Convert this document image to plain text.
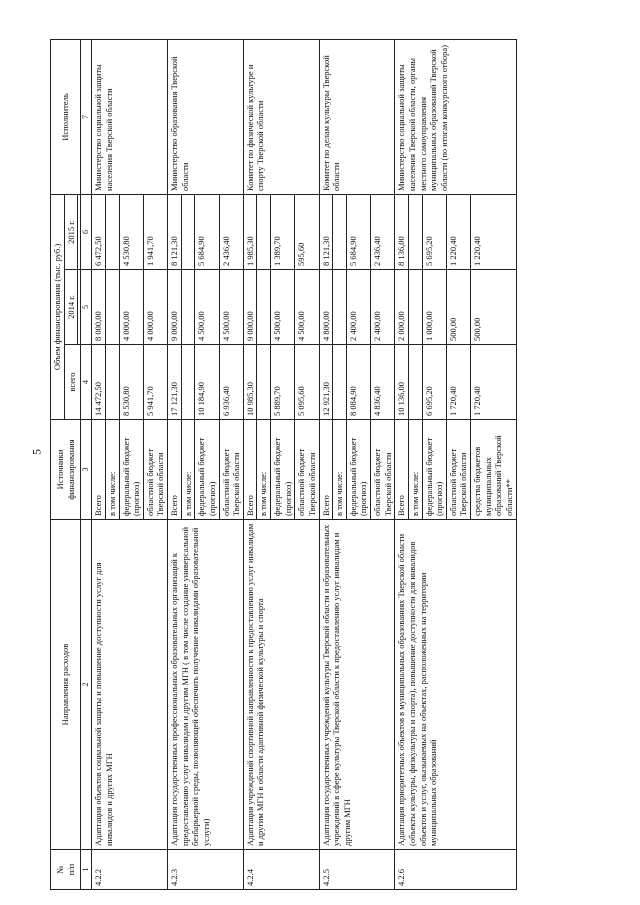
5
№
п/п	Направления расходов	Источники финансирования	Объем финансирования (тыс. руб.)			Исполнитель
			всего	2014 г.	2015 г.	

1	2	3	4	5	6	7
4.2.2	Адаптация объектов социальной защиты и повышение доступности услуг для инвалидов и других МГН	Всего	14 472,50	8 000,00	6 472,50	Министерство социальной защиты населения Тверской области
		в том числе:				
		федеральный бюджет (прогноз)	8 530,80	4 000,00	4 530,80	
		областной бюджет Тверской области	5 941,70	4 000,00	1 941,70	
4.2.3	Адаптация государственных профессиональных образовательных организаций к предоставлению услуг инвалидам и другим МГН ( в том числе создание универсальной безбарьерной среды, позволяющей обеспечить получение инвалидами образовательной услуги)	Всего	17 121,30	9 000,00	8 121,30	Министерство образования Тверской области
		в том числе:				
		федеральный бюджет (прогноз)	10 184,90	4 500,00	5 684,90	
		областной бюджет Тверской области	6 936,40	4 500,00	2 436,40	
4.2.4	Адаптация учреждений спортивной направленности к предоставлению услуг инвалидам и другим МГН в области адаптивной физической культуры и спорта	Всего	10 985,30	9 000,00	1 985,30	Комитет по физической культуре и спорту Тверской области
		в том числе:				
		федеральный бюджет (прогноз)	5 889,70	4 500,00	1 389,70	
		областной бюджет Тверской области	5 095,60	4 500,00	595,60	
4.2.5	Адаптация государственных учреждений культуры Тверской области и образовательных учреждений в сфере культуры Тверской области к предоставлению услуг инвалидам и другим МГН	Всего	12 921,30	4 800,00	8 121,30	Комитет по делам культуры Тверской области
		в том числе:				
		федеральный бюджет (прогноз)	8 084,90	2 400,00	5 684,90	
		областной бюджет Тверской области	4 836,40	2 400,00	2 436,40	
4.2.6	Адаптация приоритетных объектов в муниципальных образованиях Тверской области (объекты культуры, физкультуры и спорта), повышение доступности для инвалидов объектов и услуг, оказываемых на объектах, расположенных на территории муниципальных образований	Всего	10 136,00	2 000,00	8 136,00	Министерство социальной защиты населения Тверской области, органы местного самоуправления муниципальных образований Тверской области (по итогам конкурсного отбора)
		в том числе:				
		федеральный бюджет (прогноз)	6 695,20	1 000,00	5 695,20	
		областной бюджет Тверской области	1 720,40	500,00	1 220,40	
		средства бюджетов муниципальных образований Тверской области**	1 720,40	500,00	1 220,40	
